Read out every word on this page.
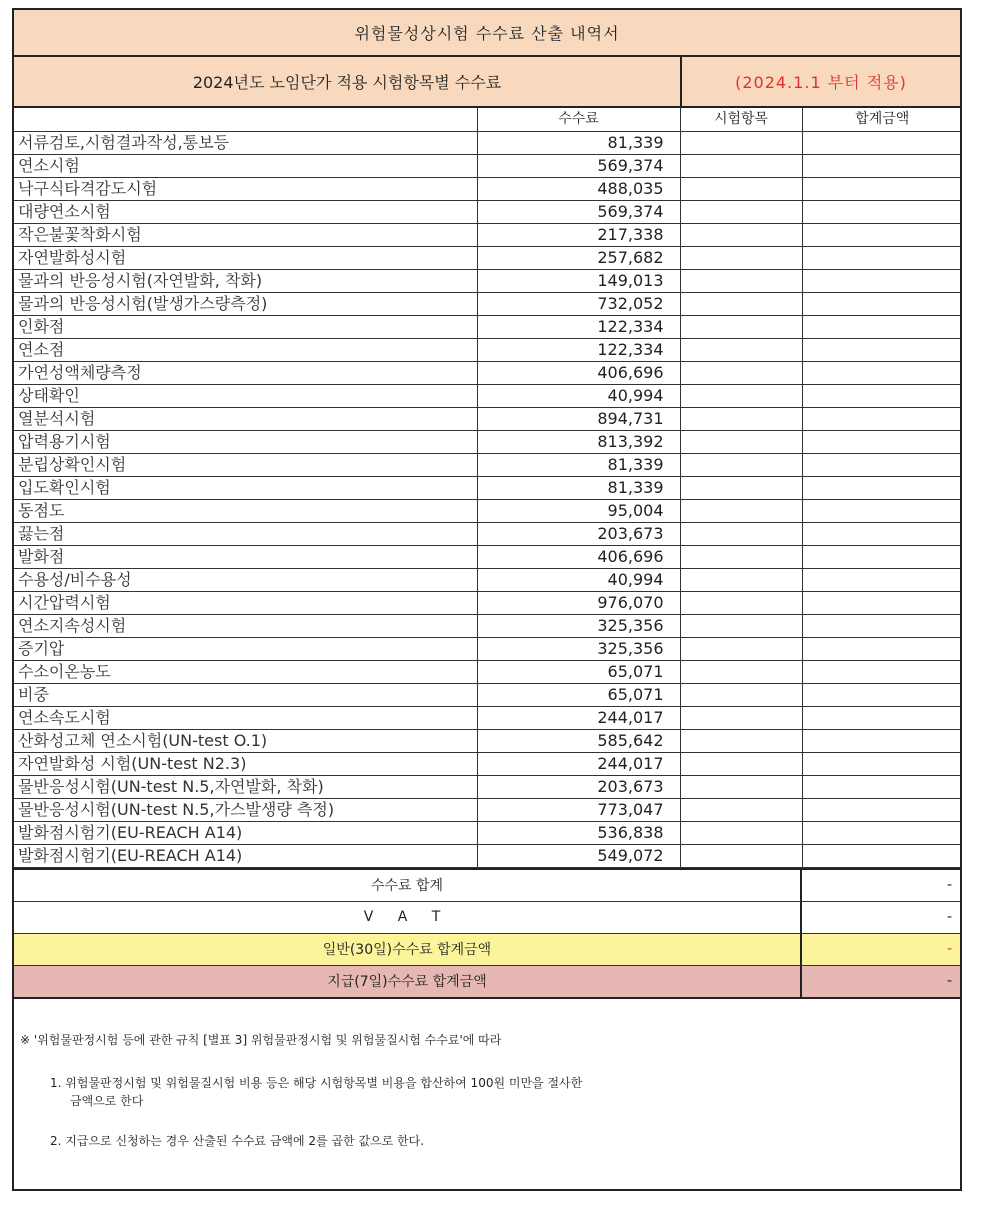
위험물성상시험 수수료 산출 내역서
2024년도 노임단가 적용 시험항목별 수수료	(2024.1.1 부터 적용)
	수수료	시험항목	합계금액
서류검토,시험결과작성,통보등	81,339		
연소시험	569,374		
낙구식타격감도시험	488,035		
대량연소시험	569,374		
작은불꽃착화시험	217,338		
자연발화성시험	257,682		
물과의 반응성시험(자연발화, 착화)	149,013		
물과의 반응성시험(발생가스량측정)	732,052		
인화점	122,334		
연소점	122,334		
가연성액체량측정	406,696		
상태확인	40,994		
열분석시험	894,731		
압력용기시험	813,392		
분립상확인시험	81,339		
입도확인시험	81,339		
동점도	95,004		
끓는점	203,673		
발화점	406,696		
수용성/비수용성	40,994		
시간압력시험	976,070		
연소지속성시험	325,356		
증기압	325,356		
수소이온농도	65,071		
비중	65,071		
연소속도시험	244,017		
산화성고체 연소시험(UN-test O.1)	585,642		
자연발화성 시험(UN-test N2.3)	244,017		
물반응성시험(UN-test N.5,자연발화, 착화)	203,673		
물반응성시험(UN-test N.5,가스발생량 측정)	773,047		
발화점시험기(EU-REACH A14)	536,838		
발화점시험기(EU-REACH A14)	549,072		
수수료 합계	-
V A T	-
일반(30일)수수료 합계금액	-
지급(7일)수수료 합계금액	-

※ '위험물판정시험 등에 관한 규칙 [별표 3] 위험물판정시험 및 위험물질시험 수수료'에 따라

1. 위험물판정시험 및 위험물질시험 비용 등은 해당 시험항목별 비용을 합산하여 100원 미만을 절사한
금액으로 한다

2. 지급으로 신청하는 경우 산출된 수수료 금액에 2를 곱한 값으로 한다.
